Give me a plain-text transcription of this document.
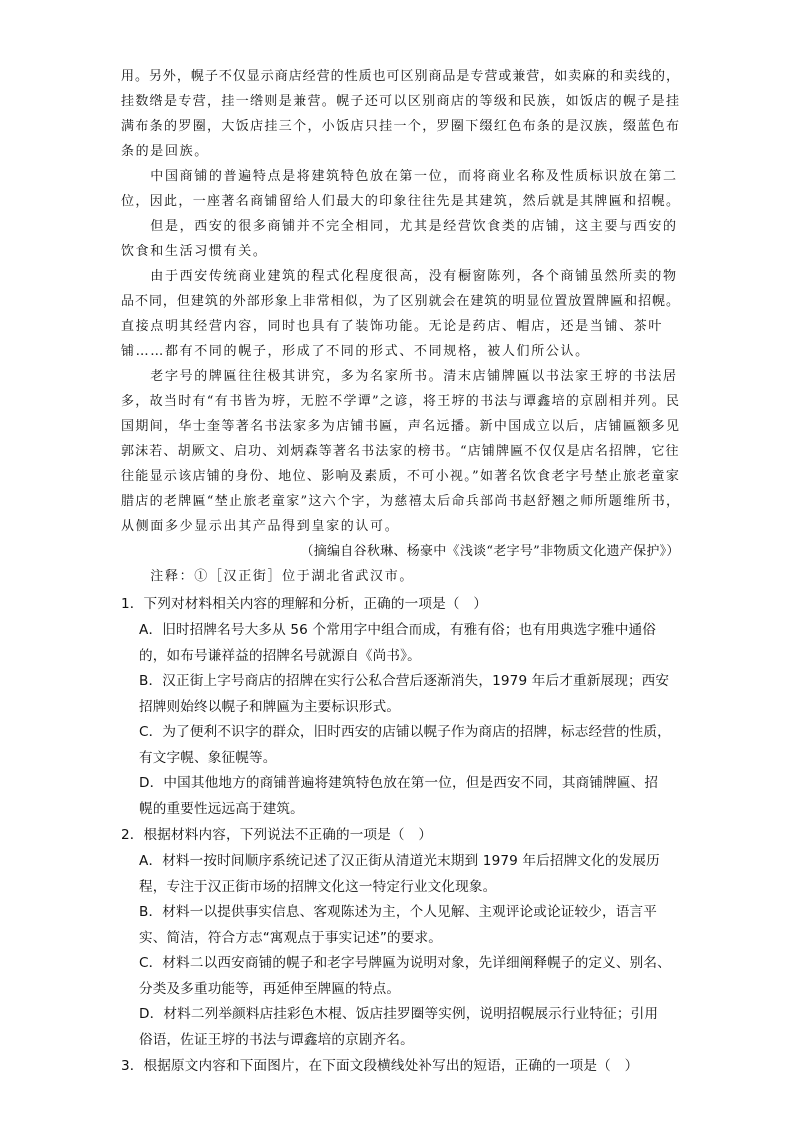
用。另外，幌子不仅显示商店经营的性质也可区别商品是专营或兼营，如卖麻的和卖线的，
挂数绺是专营，挂一绺则是兼营。幌子还可以区别商店的等级和民族，如饭店的幌子是挂
满布条的罗圈，大饭店挂三个，小饭店只挂一个，罗圈下缀红色布条的是汉族，缀蓝色布
条的是回族。
　　中国商铺的普遍特点是将建筑特色放在第一位，而将商业名称及性质标识放在第二
位，因此，一座著名商铺留给人们最大的印象往往先是其建筑，然后就是其牌匾和招幌。
　　但是，西安的很多商铺并不完全相同，尤其是经营饮食类的店铺，这主要与西安的
饮食和生活习惯有关。
　　由于西安传统商业建筑的程式化程度很高，没有橱窗陈列，各个商铺虽然所卖的物
品不同，但建筑的外部形象上非常相似，为了区别就会在建筑的明显位置放置牌匾和招幌。
直接点明其经营内容，同时也具有了装饰功能。无论是药店、帽店，还是当铺、茶叶
铺……都有不同的幌子，形成了不同的形式、不同规格，被人们所公认。
　　老字号的牌匾往往极其讲究，多为名家所书。清末店铺牌匾以书法家王垿的书法居
多，故当时有“有书皆为垿，无腔不学谭”之谚，将王垿的书法与谭鑫培的京剧相并列。民
国期间，华士奎等著名书法家多为店铺书匾，声名远播。新中国成立以后，店铺匾额多见
郭沫若、胡厥文、启功、刘炳森等著名书法家的榜书。“店铺牌匾不仅仅是店名招牌，它往
往能显示该店铺的身份、地位、影响及素质，不可小视。”如著名饮食老字号埜止旅老童家
腊店的老牌匾“埜止旅老童家”这六个字，为慈禧太后命兵部尚书赵舒翘之师所题维所书，
从侧面多少显示出其产品得到皇家的认可。
　　　　　　　　　　　　　　（摘编自谷秋琳、杨豪中《浅谈“老字号”非物质文化遗产保护》）
　　注释：①［汉正街］位于湖北省武汉市。
1．下列对材料相关内容的理解和分析，正确的一项是（　）
A．旧时招牌名号大多从 56 个常用字中组合而成，有雅有俗；也有用典选字雅中通俗
的，如布号谦祥益的招牌名号就源自《尚书》。
B．汉正街上字号商店的招牌在实行公私合营后逐渐消失，1979 年后才重新展现；西安
招牌则始终以幌子和牌匾为主要标识形式。
C．为了便利不识字的群众，旧时西安的店铺以幌子作为商店的招牌，标志经营的性质，
有文字幌、象征幌等。
D．中国其他地方的商铺普遍将建筑特色放在第一位，但是西安不同，其商铺牌匾、招
幌的重要性远远高于建筑。
2．根据材料内容，下列说法不正确的一项是（　）
A．材料一按时间顺序系统记述了汉正街从清道光末期到 1979 年后招牌文化的发展历
程，专注于汉正街市场的招牌文化这一特定行业文化现象。
B．材料一以提供事实信息、客观陈述为主，个人见解、主观评论或论证较少，语言平
实、简洁，符合方志“寓观点于事实记述”的要求。
C．材料二以西安商铺的幌子和老字号牌匾为说明对象，先详细阐释幌子的定义、别名、
分类及多重功能等，再延伸至牌匾的特点。
D．材料二列举颜料店挂彩色木棍、饭店挂罗圈等实例，说明招幌展示行业特征；引用
俗语，佐证王垿的书法与谭鑫培的京剧齐名。
3．根据原文内容和下面图片，在下面文段横线处补写出的短语，正确的一项是（　）
